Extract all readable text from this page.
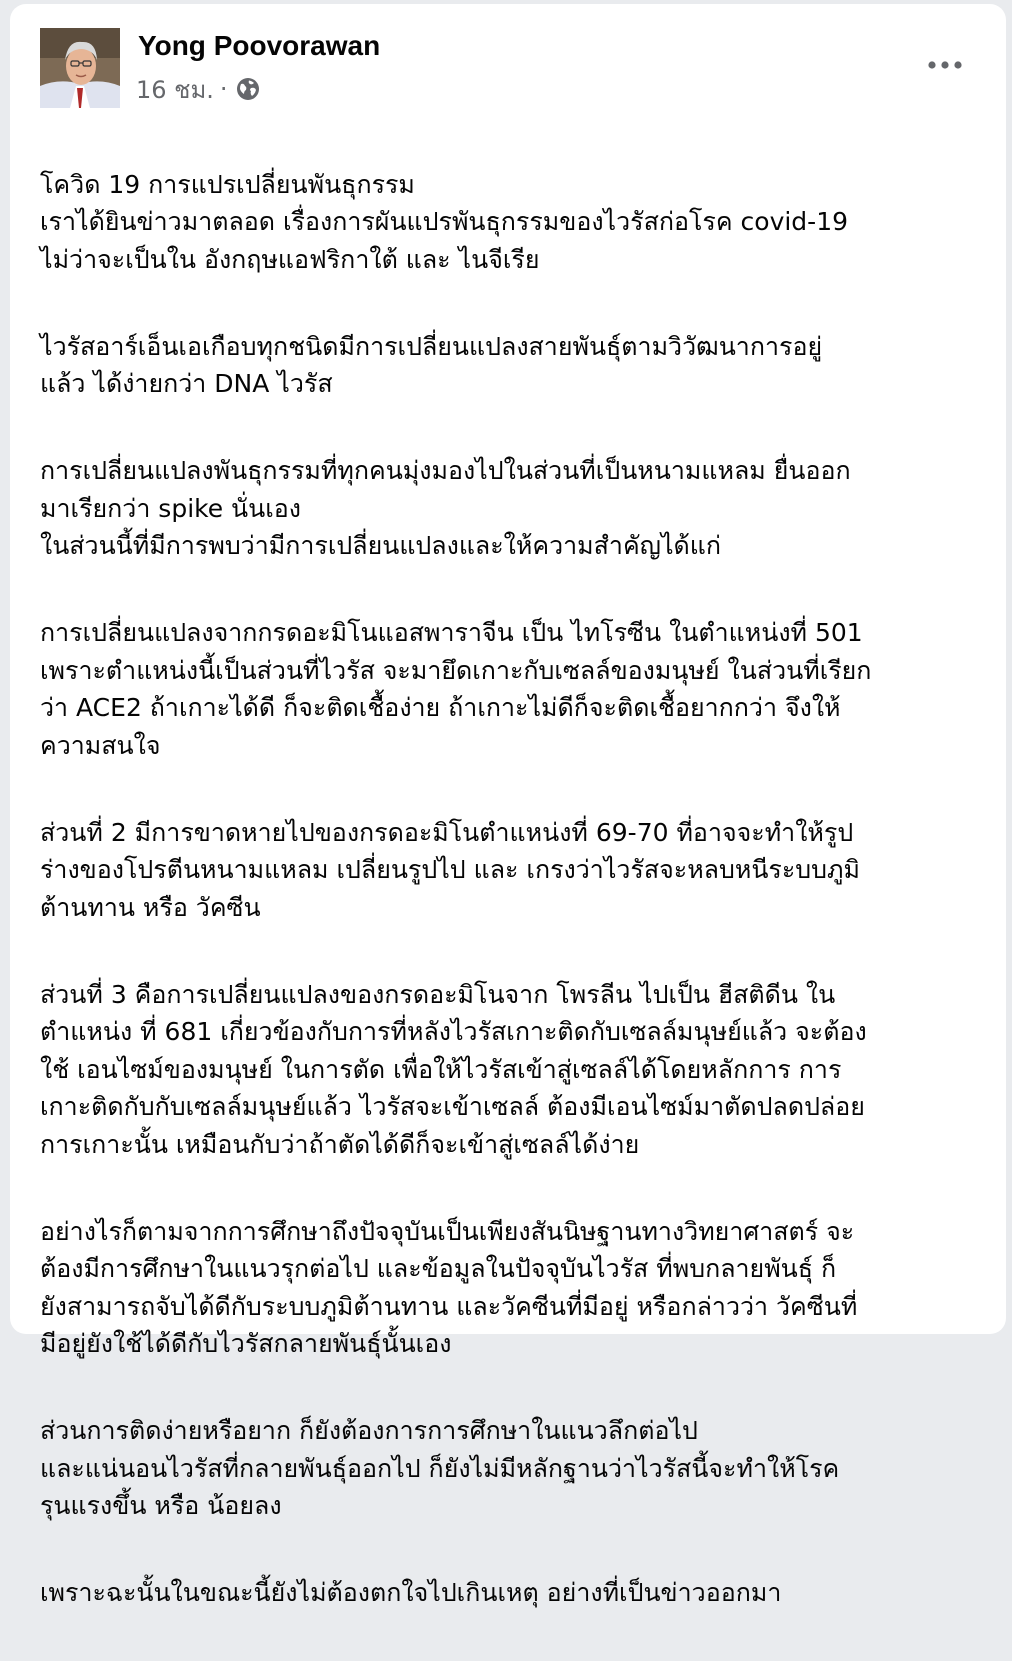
Yong Poovorawan
16 ชม. ·

โควิด 19 การแปรเปลี่ยนพันธุกรรม
เราได้ยินข่าวมาตลอด เรื่องการผันแปรพันธุกรรมของไวรัสก่อโรค covid-19
ไม่ว่าจะเป็นใน อังกฤษแอฟริกาใต้ และ ไนจีเรีย

ไวรัสอาร์เอ็นเอเกือบทุกชนิดมีการเปลี่ยนแปลงสายพันธุ์ตามวิวัฒนาการอยู่
แล้ว ได้ง่ายกว่า DNA ไวรัส

การเปลี่ยนแปลงพันธุกรรมที่ทุกคนมุ่งมองไปในส่วนที่เป็นหนามแหลม ยื่นออก
มาเรียกว่า spike นั่นเอง
ในส่วนนี้ที่มีการพบว่ามีการเปลี่ยนแปลงและให้ความสำคัญได้แก่

การเปลี่ยนแปลงจากกรดอะมิโนแอสพาราจีน เป็น ไทโรซีน ในตำแหน่งที่ 501
เพราะตำแหน่งนี้เป็นส่วนที่ไวรัส จะมายึดเกาะกับเซลล์ของมนุษย์ ในส่วนที่เรียก
ว่า ACE2 ถ้าเกาะได้ดี ก็จะติดเชื้อง่าย ถ้าเกาะไม่ดีก็จะติดเชื้อยากกว่า จึงให้
ความสนใจ

ส่วนที่ 2 มีการขาดหายไปของกรดอะมิโนตำแหน่งที่ 69-70 ที่อาจจะทำให้รูป
ร่างของโปรตีนหนามแหลม เปลี่ยนรูปไป และ เกรงว่าไวรัสจะหลบหนีระบบภูมิ
ต้านทาน หรือ วัคซีน

ส่วนที่ 3 คือการเปลี่ยนแปลงของกรดอะมิโนจาก โพรลีน ไปเป็น ฮีสติดีน ใน
ตำแหน่ง ที่ 681 เกี่ยวข้องกับการที่หลังไวรัสเกาะติดกับเซลล์มนุษย์แล้ว จะต้อง
ใช้ เอนไซม์ของมนุษย์ ในการตัด เพื่อให้ไวรัสเข้าสู่เซลล์ได้โดยหลักการ การ
เกาะติดกับกับเซลล์มนุษย์แล้ว ไวรัสจะเข้าเซลล์ ต้องมีเอนไซม์มาตัดปลดปล่อย
การเกาะนั้น เหมือนกับว่าถ้าตัดได้ดีก็จะเข้าสู่เซลล์ได้ง่าย

อย่างไรก็ตามจากการศึกษาถึงปัจจุบันเป็นเพียงสันนิษฐานทางวิทยาศาสตร์ จะ
ต้องมีการศึกษาในแนวรุกต่อไป และข้อมูลในปัจจุบันไวรัส ที่พบกลายพันธุ์ ก็
ยังสามารถจับได้ดีกับระบบภูมิต้านทาน และวัคซีนที่มีอยู่ หรือกล่าวว่า วัคซีนที่
มีอยู่ยังใช้ได้ดีกับไวรัสกลายพันธุ์นั้นเอง

ส่วนการติดง่ายหรือยาก ก็ยังต้องการการศึกษาในแนวลึกต่อไป
และแน่นอนไวรัสที่กลายพันธุ์ออกไป ก็ยังไม่มีหลักฐานว่าไวรัสนี้จะทำให้โรค
รุนแรงขึ้น หรือ น้อยลง

เพราะฉะนั้นในขณะนี้ยังไม่ต้องตกใจไปเกินเหตุ อย่างที่เป็นข่าวออกมา
